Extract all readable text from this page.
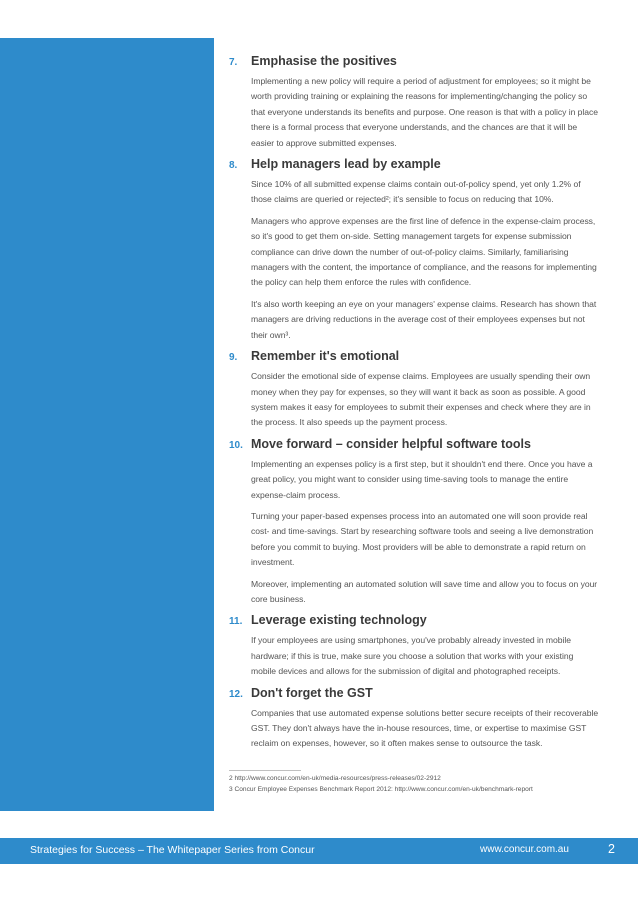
7.	Emphasise the positives

Implementing a new policy will require a period of adjustment for employees; so it might be worth providing training or explaining the reasons for implementing/changing the policy so that everyone understands its benefits and purpose. One reason is that with a policy in place there is a formal process that everyone understands, and the chances are that it will be easier to approve submitted expenses.

8.	Help managers lead by example

Since 10% of all submitted expense claims contain out-of-policy spend, yet only 1.2% of those claims are queried or rejected²; it's sensible to focus on reducing that 10%.

Managers who approve expenses are the first line of defence in the expense-claim process, so it's good to get them on-side. Setting management targets for expense submission compliance can drive down the number of out-of-policy claims. Similarly, familiarising managers with the content, the importance of compliance, and the reasons for implementing the policy can help them enforce the rules with confidence.

It's also worth keeping an eye on your managers' expense claims. Research has shown that managers are driving reductions in the average cost of their employees expenses but not their own³.

9.	Remember it's emotional

Consider the emotional side of expense claims. Employees are usually spending their own money when they pay for expenses, so they will want it back as soon as possible. A good system makes it easy for employees to submit their expenses and check where they are in the process. It also speeds up the payment process.

10. Move forward – consider helpful software tools

Implementing an expenses policy is a first step, but it shouldn't end there. Once you have a great policy, you might want to consider using time-saving tools to manage the entire expense-claim process.

Turning your paper-based expenses process into an automated one will soon provide real cost- and time-savings. Start by researching software tools and seeing a live demonstration before you commit to buying. Most providers will be able to demonstrate a rapid return on investment.

Moreover, implementing an automated solution will save time and allow you to focus on your core business.

11. Leverage existing technology

If your employees are using smartphones, you've probably already invested in mobile hardware; if this is true, make sure you choose a solution that works with your existing mobile devices and allows for the submission of digital and photographed receipts.

12. Don't forget the GST

Companies that use automated expense solutions better secure receipts of their recoverable GST. They don't always have the in-house resources, time, or expertise to maximise GST reclaim on expenses, however, so it often makes sense to outsource the task.

2 http://www.concur.com/en-uk/media-resources/press-releases/02-2912
3 Concur Employee Expenses Benchmark Report 2012: http://www.concur.com/en-uk/benchmark-report
Strategies for Success – The Whitepaper Series from Concur	www.concur.com.au	2
